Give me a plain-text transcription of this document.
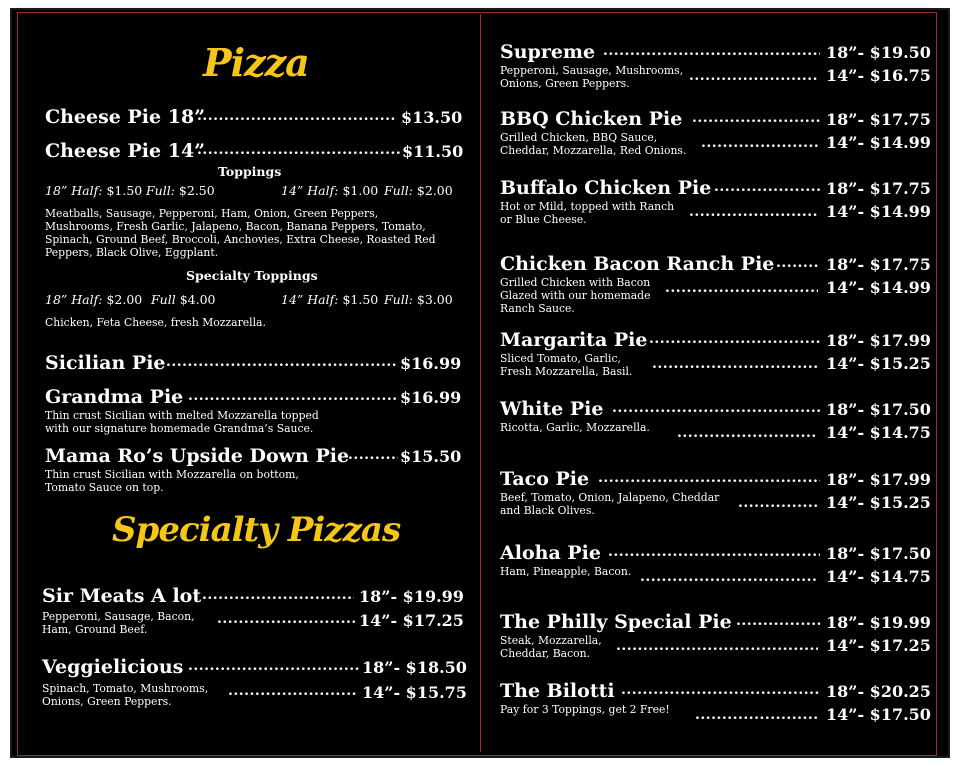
Pizza
Cheese Pie 18” .....	$13.50
Cheese Pie 14” .....	$11.50
Toppings
18” Half: $1.50 Full: $2.50	14” Half: $1.00 Full: $2.00
Meatballs, Sausage, Pepperoni, Ham, Onion, Green Peppers,
Mushrooms, Fresh Garlic, Jalapeno, Bacon, Banana Peppers, Tomato,
Spinach, Ground Beef, Broccoli, Anchovies, Extra Cheese, Roasted Red
Peppers, Black Olive, Eggplant.
Specialty Toppings
18” Half: $2.00 Full $4.00	14” Half: $1.50 Full: $3.00
Chicken, Feta Cheese, fresh Mozzarella.
Sicilian Pie .....	$16.99
Grandma Pie .....	$16.99
Thin crust Sicilian with melted Mozzarella topped
with our signature homemade Grandma’s Sauce.
Mama Ro’s Upside Down Pie .....	$15.50
Thin crust Sicilian with Mozzarella on bottom,
Tomato Sauce on top.
Specialty Pizzas
Sir Meats A lot .....	18”- $19.99
Pepperoni, Sausage, Bacon,
Ham, Ground Beef. .....	14”- $17.25
Veggielicious .....	18”- $18.50
Spinach, Tomato, Mushrooms,
Onions, Green Peppers. .....	14”- $15.75
Supreme .....	18”- $19.50
Pepperoni, Sausage, Mushrooms,
Onions, Green Peppers. .....	14”- $16.75
BBQ Chicken Pie .....	18”- $17.75
Grilled Chicken, BBQ Sauce,
Cheddar, Mozzarella, Red Onions. .....	14”- $14.99
Buffalo Chicken Pie .....	18”- $17.75
Hot or Mild, topped with Ranch
or Blue Cheese. .....	14”- $14.99
Chicken Bacon Ranch Pie .....	18”- $17.75
Grilled Chicken with Bacon
Glazed with our homemade
Ranch Sauce.
.....
14”- $14.99
Margarita Pie .....	18”- $17.99
Sliced Tomato, Garlic,
Fresh Mozzarella, Basil. .....	14”- $15.25
White Pie .....	18”- $17.50
Ricotta, Garlic, Mozzarella. .....	14”- $14.75
Taco Pie .....	18”- $17.99
Beef, Tomato, Onion, Jalapeno, Cheddar
and Black Olives. .....	14”- $15.25
Aloha Pie .....	18”- $17.50
Ham, Pineapple, Bacon. .....	14”- $14.75
The Philly Special Pie .....	18”- $19.99
Steak, Mozzarella,
Cheddar, Bacon. .....	14”- $17.25
The Bilotti .....	18”- $20.25
Pay for 3 Toppings, get 2 Free! .....	14”- $17.50
